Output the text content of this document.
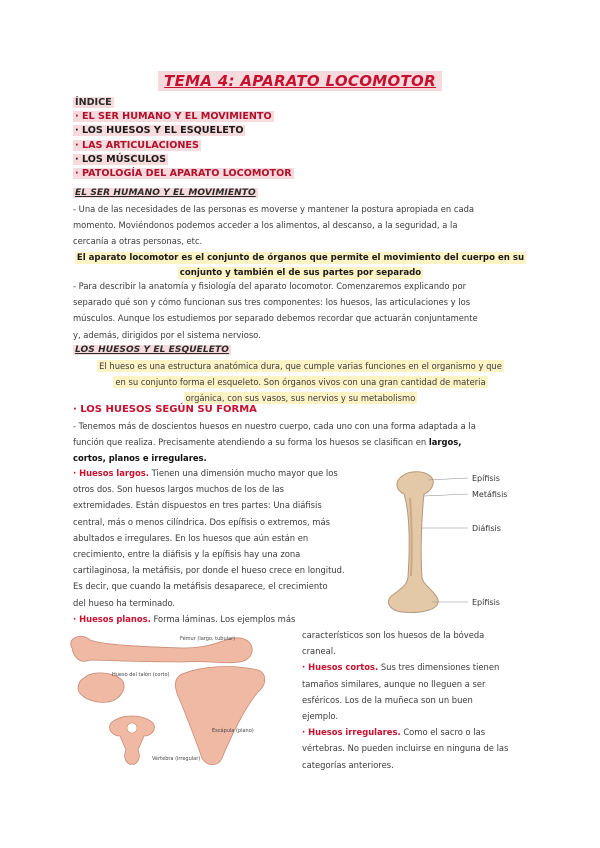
TEMA 4: APARATO LOCOMOTOR
ÍNDICE
· EL SER HUMANO Y EL MOVIMIENTO
· LOS HUESOS Y EL ESQUELETO
· LAS ARTICULACIONES
· LOS MÚSCULOS
· PATOLOGÍA DEL APARATO LOCOMOTOR
EL SER HUMANO Y EL MOVIMIENTO
- Una de las necesidades de las personas es moverse y mantener la postura apropiada en cada
momento. Moviéndonos podemos acceder a los alimentos, al descanso, a la seguridad, a la
cercanía a otras personas, etc.
El aparato locomotor es el conjunto de órganos que permite el movimiento del cuerpo en su
conjunto y también el de sus partes por separado
- Para describir la anatomía y fisiología del aparato locomotor. Comenzaremos explicando por
separado qué son y cómo funcionan sus tres componentes: los huesos, las articulaciones y los
músculos. Aunque los estudiemos por separado debemos recordar que actuarán conjuntamente
y, además, dirigidos por el sistema nervioso.
LOS HUESOS Y EL ESQUELETO
El hueso es una estructura anatómica dura, que cumple varias funciones en el organismo y que
en su conjunto forma el esqueleto. Son órganos vivos con una gran cantidad de materia
orgánica, con sus vasos, sus nervios y su metabolismo
· LOS HUESOS SEGÚN SU FORMA
- Tenemos más de doscientos huesos en nuestro cuerpo, cada uno con una forma adaptada a la
función que realiza. Precisamente atendiendo a su forma los huesos se clasifican en largos,
cortos, planos e irregulares.
· Huesos largos. Tienen una dimensión mucho mayor que los
otros dos. Son huesos largos muchos de los de las
extremidades. Están dispuestos en tres partes: Una diáfisis
central, más o menos cilíndrica. Dos epífisis o extremos, más
abultados e irregulares. En los huesos que aún están en
crecimiento, entre la diáfisis y la epífisis hay una zona
cartilaginosa, la metáfisis, por donde el hueso crece en longitud.
Es decir, que cuando la metáfisis desaparece, el crecimiento
del hueso ha terminado.
· Huesos planos. Forma láminas. Los ejemplos más
Epífisis
Metáfisis
Diáfisis
Epífisis
Fémur (largo, tubular)
Hueso del talón (corto)
Escápula (plano)
Vértebra (irregular)
característicos son los huesos de la bóveda
craneal.
· Huesos cortos. Sus tres dimensiones tienen
tamaños similares, aunque no lleguen a ser
esféricos. Los de la muñeca son un buen
ejemplo.
· Huesos irregulares. Como el sacro o las
vértebras. No pueden incluirse en ninguna de las
categorías anteriores.
